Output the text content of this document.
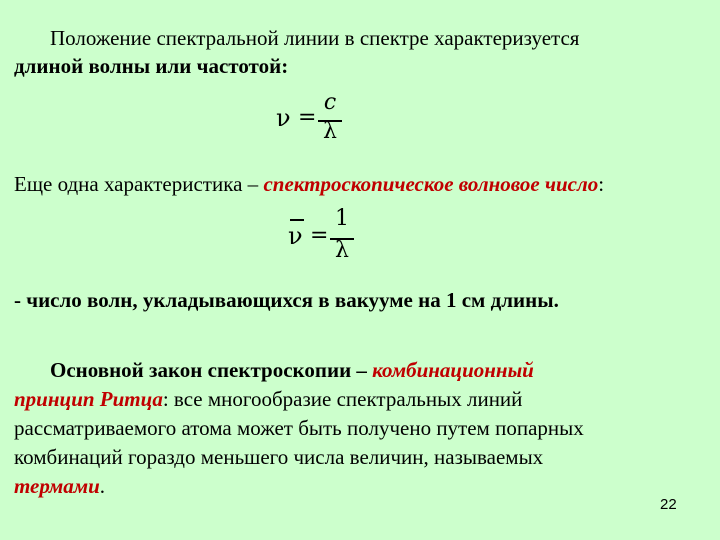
Положение спектральной линии в спектре характеризуется
длиной волны или частотой:
ν =
c
λ
Еще одна характеристика – спектроскопическое волновое число:
ν =
1
λ
- число волн, укладывающихся в вакууме на 1 см длины.
Основной закон спектроскопии – комбинационный
принцип Ритца: все многообразие спектральных линий
рассматриваемого атома может быть получено путем попарных
комбинаций гораздо меньшего числа величин, называемых
термами.
22
